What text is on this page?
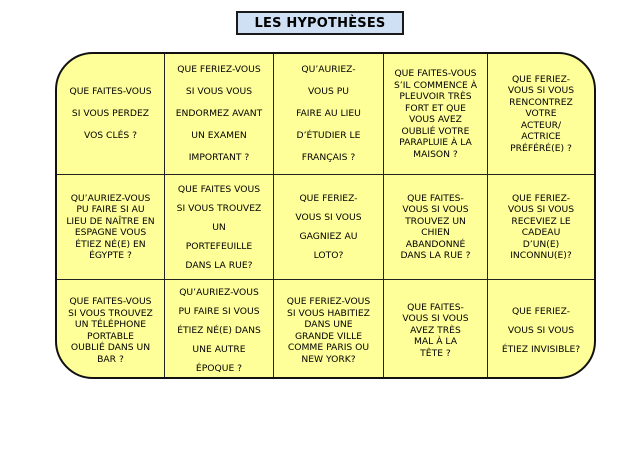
LES HYPOTHÈSES
QUE FAITES-VOUS
SI VOUS PERDEZ
VOS CLÉS ?
QUE FERIEZ-VOUS
SI VOUS VOUS
ENDORMEZ AVANT
UN EXAMEN
IMPORTANT ?
QU’AURIEZ-
VOUS PU
FAIRE AU LIEU
D’ÉTUDIER LE
FRANÇAIS ?
QUE FAITES-VOUS
S’IL COMMENCE À
PLEUVOIR TRÈS
FORT ET QUE
VOUS AVEZ
OUBLIÉ VOTRE
PARAPLUIE À LA
MAISON ?
QUE FERIEZ-
VOUS SI VOUS
RENCONTREZ
VOTRE
ACTEUR/
ACTRICE
PRÉFÉRÉ(E) ?
QU’AURIEZ-VOUS
PU FAIRE SI AU
LIEU DE NAÎTRE EN
ESPAGNE VOUS
ÉTIEZ NÉ(E) EN
ÉGYPTE ?
QUE FAITES VOUS
SI VOUS TROUVEZ
UN
PORTEFEUILLE
DANS LA RUE?
QUE FERIEZ-
VOUS SI VOUS
GAGNIEZ AU
LOTO?
QUE FAITES-
VOUS SI VOUS
TROUVEZ UN
CHIEN
ABANDONNÉ
DANS LA RUE ?
QUE FERIEZ-
VOUS SI VOUS
RECEVIEZ LE
CADEAU
D’UN(E)
INCONNU(E)?
QUE FAITES-VOUS
SI VOUS TROUVEZ
UN TÉLÉPHONE
PORTABLE
OUBLIÉ DANS UN
BAR ?
QU’AURIEZ-VOUS
PU FAIRE SI VOUS
ÉTIEZ NÉ(E) DANS
UNE AUTRE
ÉPOQUE ?
QUE FERIEZ-VOUS
SI VOUS HABITIEZ
DANS UNE
GRANDE VILLE
COMME PARIS OU
NEW YORK?
QUE FAITES-
VOUS SI VOUS
AVEZ TRÈS
MAL À LA
TÊTE ?
QUE FERIEZ-
VOUS SI VOUS
ÉTIEZ INVISIBLE?
